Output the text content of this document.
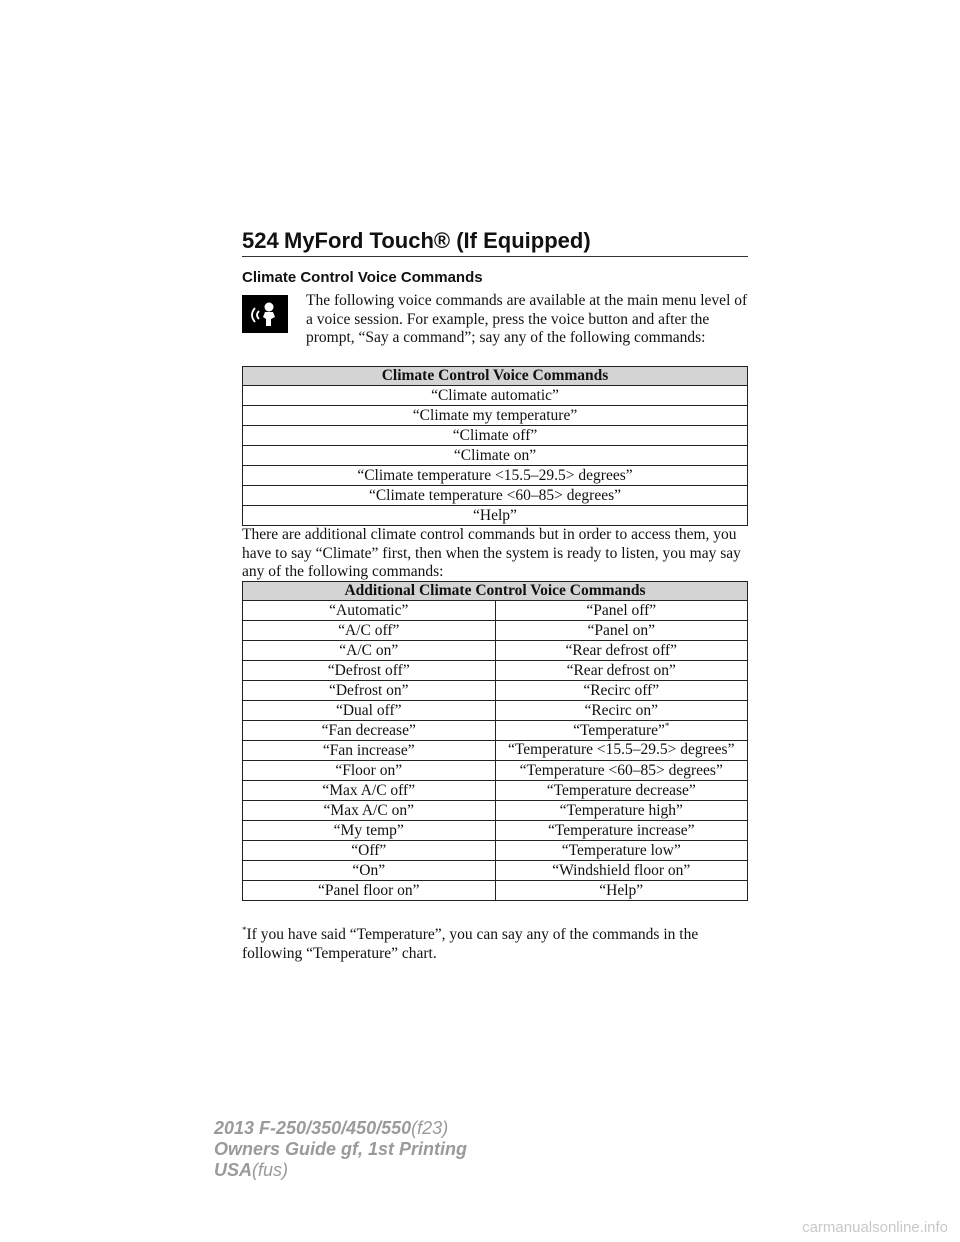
524 MyFord Touch® (If Equipped)
Climate Control Voice Commands

The following voice commands are available at the main menu level of a voice session. For example, press the voice button and after the prompt, “Say a command”; say any of the following commands:

Climate Control Voice Commands
“Climate automatic”
“Climate my temperature”
“Climate off”
“Climate on”
“Climate temperature <15.5–29.5> degrees”
“Climate temperature <60–85> degrees”
“Help”

There are additional climate control commands but in order to access them, you have to say “Climate” first, then when the system is ready to listen, you may say any of the following commands:

Additional Climate Control Voice Commands	
“Automatic”	“Panel off”
“A/C off”	“Panel on”
“A/C on”	“Rear defrost off”
“Defrost off”	“Rear defrost on”
“Defrost on”	“Recirc off”
“Dual off”	“Recirc on”
“Fan decrease”	“Temperature”*
“Fan increase”	“Temperature <15.5–29.5> degrees”
“Floor on”	“Temperature <60–85> degrees”
“Max A/C off”	“Temperature decrease”
“Max A/C on”	“Temperature high”
“My temp”	“Temperature increase”
“Off”	“Temperature low”
“On”	“Windshield floor on”
“Panel floor on”	“Help”

*If you have said “Temperature”, you can say any of the commands in the following “Temperature” chart.

2013 F-250/350/450/550(f23)
Owners Guide gf, 1st Printing
USA(fus)
carmanualsonline.info
